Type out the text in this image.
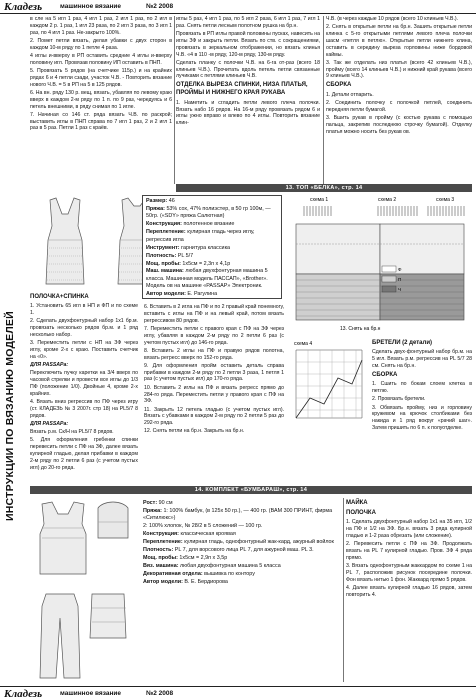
Кладезь	машинное вязание	№2 2008
ИНСТРУКЦИИ ПО ВЯЗАНИЮ МОДЕЛЕЙ

в сле на 5 игл 1 раз, 4 игл 1 раз, 2 игл 1 раз, по 2 игл в каждом 2 р. 1 раз, 1 игл 23 раза, по 2 игл 3 раза, по 3 игл 1 раз, по 4 игл 1 раз. Не-закрыто 100%.

2. Помет петли вязать, делая убавки с двух сторон в каждом 10-м ряду по 1 петле 4 раза.

4 иглы и-вверху в РП оставить средние 4 иглы и-вверху половину игл. Провязав половину ИП оставить в ПНП.

5. Провязать 5 рядов (на счетчике 115р.) и на крайних рядах 6 и 4 петли сзади, участок Ч.В. - Повторить вязание нового Ч.В. = 5 в РП на 5 в 125 рядов.

6. На вн. ряду 130 р. вещ, вязать, убавляя по левому краю вверх в каждом 2-м ряду по 1 п. по 9 раз, чередуясь и 6 петель внешними, в ряду снимая по 1 игле.

7. Начиная со 146 ст. ряда вязать Ч.В. по раскрой; выставить иглы в ПНП справа по 7 игл 1 раз, 2 и 2 игл 1 раз в 5 раз. Петли 1 раз с краёв.

иглы 5 раз, 4 игл 1 раз, по 5 игл 2 раза, 6 игл 1 раз, 7 игл 1 раз. Снять петли лесным полотном рушка на бр.н.

Провязать в РП иглы правой половины пусках, навесить на иглы ЗФ и закрыть петли. Вязать по ств. с сокращениями, провязать в зеркальном отображении, но вязать клинья Ч.В. «4 в 110 -м ряду, 120-м ряду, 130-м ряду.

Сделать планку с полочки Ч.В. на 6-га от-раз (всего 18 клиньев Ч.В.). Прочитать вдоль петель петли связанные лучиками с петлями клиньев Ч.В.

ОТДЕЛКА ВЫРЕЗА СПИНКИ, НИЗА ПЛАТЬЯ, ПРОЙМЫ И НИЖНЕГО КРАЯ РУКАВА

1. Наметить и сгладить петли левого плеча полочки. Вязать набо 16 рядов. На 16-м ряду провязать рядом 6 и иглы ужно вправо и влево по 4 иглы. Повторить вязание клин-

Ч.В. (в через каждые 10 рядов (всего 10 клиньев Ч.В.).

2. Снять в открытые петли на бр.н. Зашить открытые петли клинка с 5-го открытыми петлями левого плеча полочки шасм «петля в петлю». Открытые петли нижнего клина, оставить в середину выреза горловины ниже бордовой каймы.

3. Так же отделать низ платья (всего 42 клиньев Ч.В.), пройму (всего 14 клиньев Ч.В.) и нижний край рукава (всего 9 клиньев Ч.В.).

СБОРКА

1. Детали отпарить.

2. Соединить полочку с полочкой петлей, соединить передняя петли бумагой.

3. Вшить рукав в пройму (с костью рукава с помощью пальца, закрепив последнюю строчку бумагой). Отделку платья можно носить без рукав ов.

13. ТОП «БЕЛКА», стр. 14

Размер: 46

Пряжа: 53% сох, 47% полиэстер, в 50 гр 100м, — 50гр. («SDY» пряжа Салютная)

Конструкция: полотенное вязание

Переплетение: кулирная гладь через иглу, регрессив игла

Инструмент: гарнитура классика

Плотность: PL 5/7

Мощ. пробы: 1x5см = 2,3п x 4,1р

Маш. машина: любая двухфонтурная машина 5 класса. Машинная модель ПАССАП», «Brother». Модель ов на машине «PASSAP» Электроник.

Автор модели: Е. Рагулина

схема 1	схема 2	схема 3
Ф
П
Ч
13. Снять на бр.н
ПОЛОЧКА+СПИНКА

1. Установить 65 игл в НП и ФП и по схеме 1.

2. Сделать двухфонтурный набор 1x1 бр.м. провязать несколько рядов бр.м. и 1 ряд несколько набор.

3. Переместить петли с НП на ЗФ через иглу, кроме 2-х с краю. Поставить счетчик на «0».

ДЛЯ PASSAPa:

Переключить пучку каретки на 3/4 вверх по часовой стрелки и провести все иглы до 1/3 ПФ (положение 1/0). Двойные 4, кроме 2-х крайних.

4. Вязать вниз регрессив по ПФ через игру (ст. КЛАДЕЗЬ № 3 2007г. стр 18) на PL5/7 8 рядов.

ДЛЯ PASSAPa:

Вязать р.м. Ск/Н на PL5/7 8 рядов.

5. Для оформления гребенки спинки перевесить петли с ПФ на ЗФ, далее вязать кулирной гладью, делая прибавки в каждом 2-м ряду по 2 петли 6 раз (с учетом пустых игл) до 20-го ряда.

6. Вставить в 2 игла на ПФ и по 2 правый край понемногу, вставить с иглы на ПФ и на левый край, потом вязать регрессивом 80 рядов.

7. Переместить петли с правого края с ПФ на ЗФ через иглу, убавляя в каждом 2-м ряду по 2 петли 6 раз (с учетом пустых игл) до 146-го ряда.

8. Вставить 2 иглы на ПФ и правую рядов полотна, вязать регресс вверх по 152-го ряда.

9. Для оформления пройм оставить деталь справа прибавки в каждом 2-м ряду по 2 петли 3 раза, 1 петля 1 раз (с учетом пустых игл) до 170-го ряда.

10. Вставить 2 иглы на ПФ и вязать регресс прямо до 284-го ряда. Переместить петли у правого края с ПФ на ЗФ.

11. Закрыть 12 петель гладью (с учетом пустых игл). Вязать с убавками в каждом 2-м ряду по 2 петли 5 раз до 292-го ряда.

12. Снять петли на бр.н. Закрыть на бр.н.

БРЕТЕЛИ (2 детали)

Сделать двух-фонтурный набор бр.м. на 5 игл. Вязать р.м. регрессив на PL 5/7 28 см. Снять на бр.н.

СБОРКА

1. Сшить по бокам слоем клетка в петлю.

2. Провязать бретели.

3. Обвязать пройму, низ и горловину кружевом на крючок столбиками без накида и 1 ряд вокруг «рачий шаг». Затем пришить по 6 п. к полуотделке.

схема 4
14. КОМПЛЕКТ «БУМБАРАШ», стр. 14

Рост: 90 см

Пряжа: 1: 100% бамбук, (в 125х 50 гр.), — 400 гр. (ВАМ 300 ПРИНТ, фирма «Ситилюкс»)

2: 100% хлопок, № 28/2 в 5 сложений — 100 гр.

Конструкция: классическая кроявая

Переплетение: кулирная гладь, однофонтурный жак-кард, ажурный войлок

Плотность: PL 7, для ворсового лица PL 7, для ажурной маш. PL 3.

Мощ. пробы: 1x5см = 2,9п x 3,5р

Вяз. машина: любая двухфонтурная машина 5 класса

Декоративная отдела: вышивка по контору

Автор модели: В. Е. Бердиорова

МАЙКА
ПОЛОЧКА

1. Сделать двухфонтурный набор 1x1 на 35 игл, 1/2 на ПФ и 1/2 на ЗФ. Бр.н. вязать 3 ряда кулирной гладью и 1-2 раза обрезать (или сложение).

2. Перевесить петли с ПФ на ЗФ. Продолжать вязать на PL 7 кулирной гладью. Пров. ЗФ 4 ряда прямо.

3. Вязать однофонтурным жаккардом по схеме 1 на PL 7, расположив рисунок посередине полочки. Фон вязать нитью 1 фон. Жаккард прямо 5 рядов.

4. Далее вязать кулирной гладью 16 рядов, затем повторить 4.

Кладезь	машинное вязание	№2 2008
